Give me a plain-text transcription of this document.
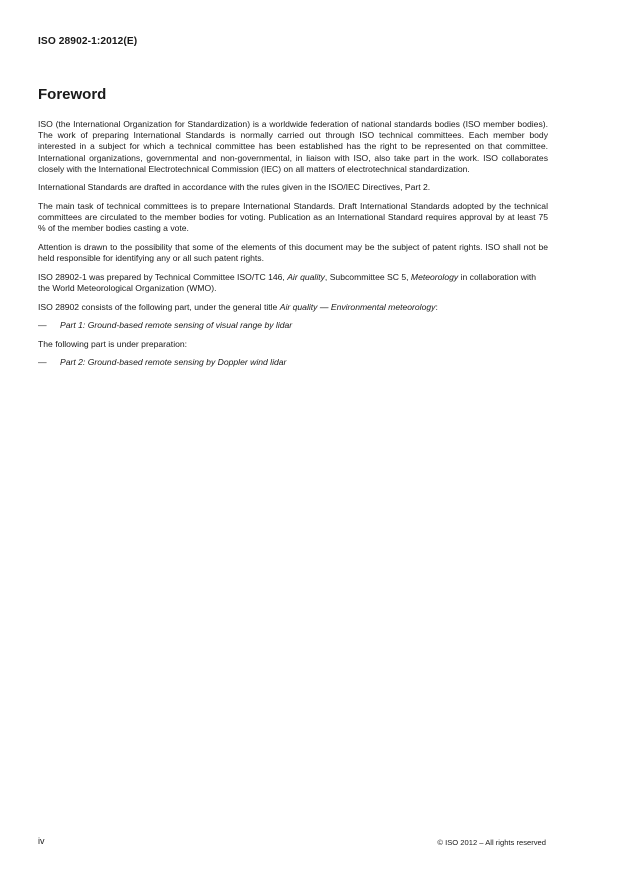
ISO 28902-1:2012(E)
Foreword

ISO (the International Organization for Standardization) is a worldwide federation of national standards bodies (ISO member bodies). The work of preparing International Standards is normally carried out through ISO technical committees. Each member body interested in a subject for which a technical committee has been established has the right to be represented on that committee. International organizations, governmental and non-governmental, in liaison with ISO, also take part in the work. ISO collaborates closely with the International Electrotechnical Commission (IEC) on all matters of electrotechnical standardization.

International Standards are drafted in accordance with the rules given in the ISO/IEC Directives, Part 2.

The main task of technical committees is to prepare International Standards. Draft International Standards adopted by the technical committees are circulated to the member bodies for voting. Publication as an International Standard requires approval by at least 75 % of the member bodies casting a vote.

Attention is drawn to the possibility that some of the elements of this document may be the subject of patent rights. ISO shall not be held responsible for identifying any or all such patent rights.

ISO 28902-1 was prepared by Technical Committee ISO/TC 146, Air quality, Subcommittee SC 5, Meteorology in collaboration with the World Meteorological Organization (WMO).

ISO 28902 consists of the following part, under the general title Air quality — Environmental meteorology:

—	Part 1: Ground-based remote sensing of visual range by lidar

The following part is under preparation:

—	Part 2: Ground-based remote sensing by Doppler wind lidar
iv	© ISO 2012 – All rights reserved
